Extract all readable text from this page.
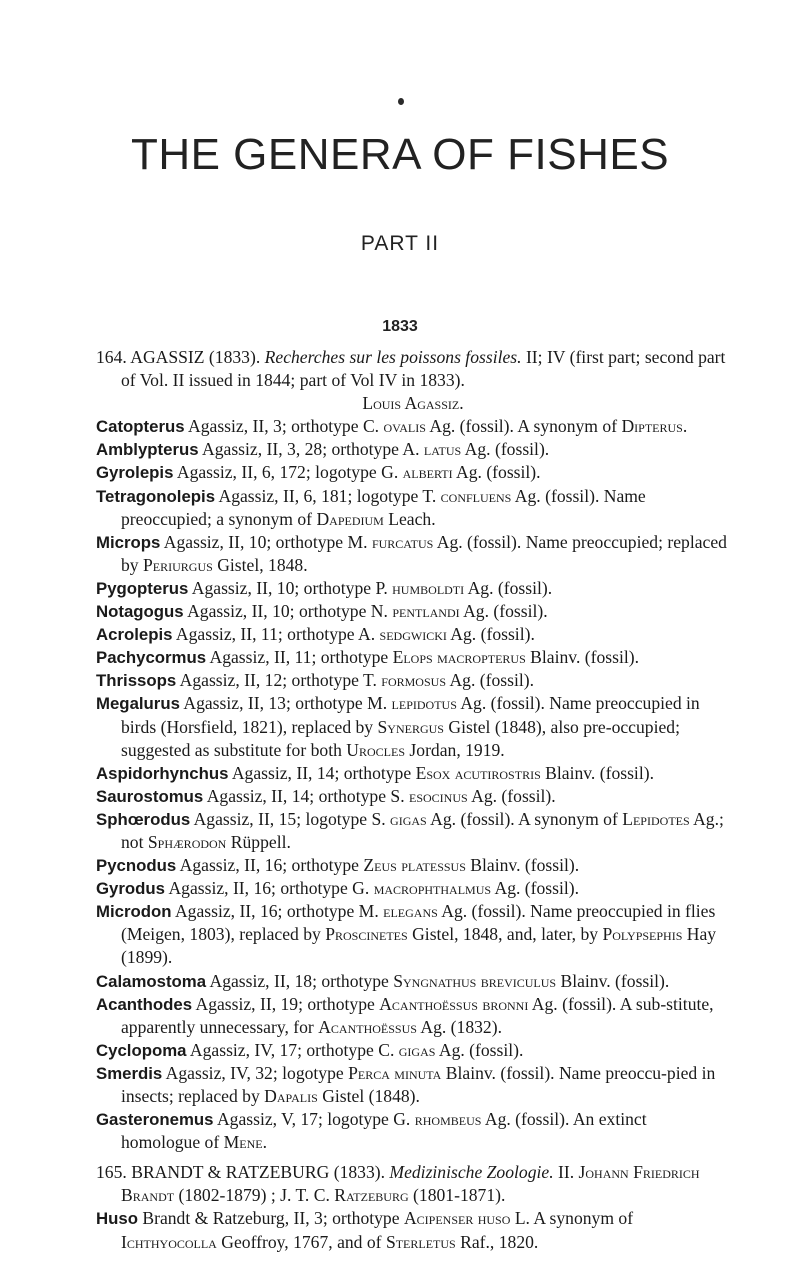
THE GENERA OF FISHES
PART II
1833
164. AGASSIZ (1833). Recherches sur les poissons fossiles. II; IV (first part; second part of Vol. II issued in 1844; part of Vol IV in 1833).
Louis Agassiz.
Catopterus Agassiz, II, 3; orthotype C. ovalis Ag. (fossil). A synonym of Dipterus.
Amblypterus Agassiz, II, 3, 28; orthotype A. latus Ag. (fossil).
Gyrolepis Agassiz, II, 6, 172; logotype G. alberti Ag. (fossil).
Tetragonolepis Agassiz, II, 6, 181; logotype T. confluens Ag. (fossil). Name preoccupied; a synonym of Dapedium Leach.
Microps Agassiz, II, 10; orthotype M. furcatus Ag. (fossil). Name preoccupied; replaced by Periurgus Gistel, 1848.
Pygopterus Agassiz, II, 10; orthotype P. humboldti Ag. (fossil).
Notagogus Agassiz, II, 10; orthotype N. pentlandi Ag. (fossil).
Acrolepis Agassiz, II, 11; orthotype A. sedgwicki Ag. (fossil).
Pachycormus Agassiz, II, 11; orthotype Elops macropterus Blainv. (fossil).
Thrissops Agassiz, II, 12; orthotype T. formosus Ag. (fossil).
Megalurus Agassiz, II, 13; orthotype M. lepidotus Ag. (fossil). Name preoccupied in birds (Horsfield, 1821), replaced by Synergus Gistel (1848), also pre-occupied; suggested as substitute for both Urocles Jordan, 1919.
Aspidorhynchus Agassiz, II, 14; orthotype Esox acutirostris Blainv. (fossil).
Saurostomus Agassiz, II, 14; orthotype S. esocinus Ag. (fossil).
Sphœrodus Agassiz, II, 15; logotype S. gigas Ag. (fossil). A synonym of Lepidotes Ag.; not Sphærodon Rüppell.
Pycnodus Agassiz, II, 16; orthotype Zeus platessus Blainv. (fossil).
Gyrodus Agassiz, II, 16; orthotype G. macrophthalmus Ag. (fossil).
Microdon Agassiz, II, 16; orthotype M. elegans Ag. (fossil). Name preoccupied in flies (Meigen, 1803), replaced by Proscinetes Gistel, 1848, and, later, by Polypsephis Hay (1899).
Calamostoma Agassiz, II, 18; orthotype Syngnathus breviculus Blainv. (fossil).
Acanthodes Agassiz, II, 19; orthotype Acanthoëssus bronni Ag. (fossil). A sub-stitute, apparently unnecessary, for Acanthoëssus Ag. (1832).
Cyclopoma Agassiz, IV, 17; orthotype C. gigas Ag. (fossil).
Smerdis Agassiz, IV, 32; logotype Perca minuta Blainv. (fossil). Name preoccu-pied in insects; replaced by Dapalis Gistel (1848).
Gasteronemus Agassiz, V, 17; logotype G. rhombeus Ag. (fossil). An extinct homologue of Mene.
165. BRANDT & RATZEBURG (1833). Medizinische Zoologie. II. Johann Friedrich Brandt (1802-1879) ; J. T. C. Ratzeburg (1801-1871).
Huso Brandt & Ratzeburg, II, 3; orthotype Acipenser huso L. A synonym of Ichthyocolla Geoffroy, 1767, and of Sterletus Raf., 1820.
